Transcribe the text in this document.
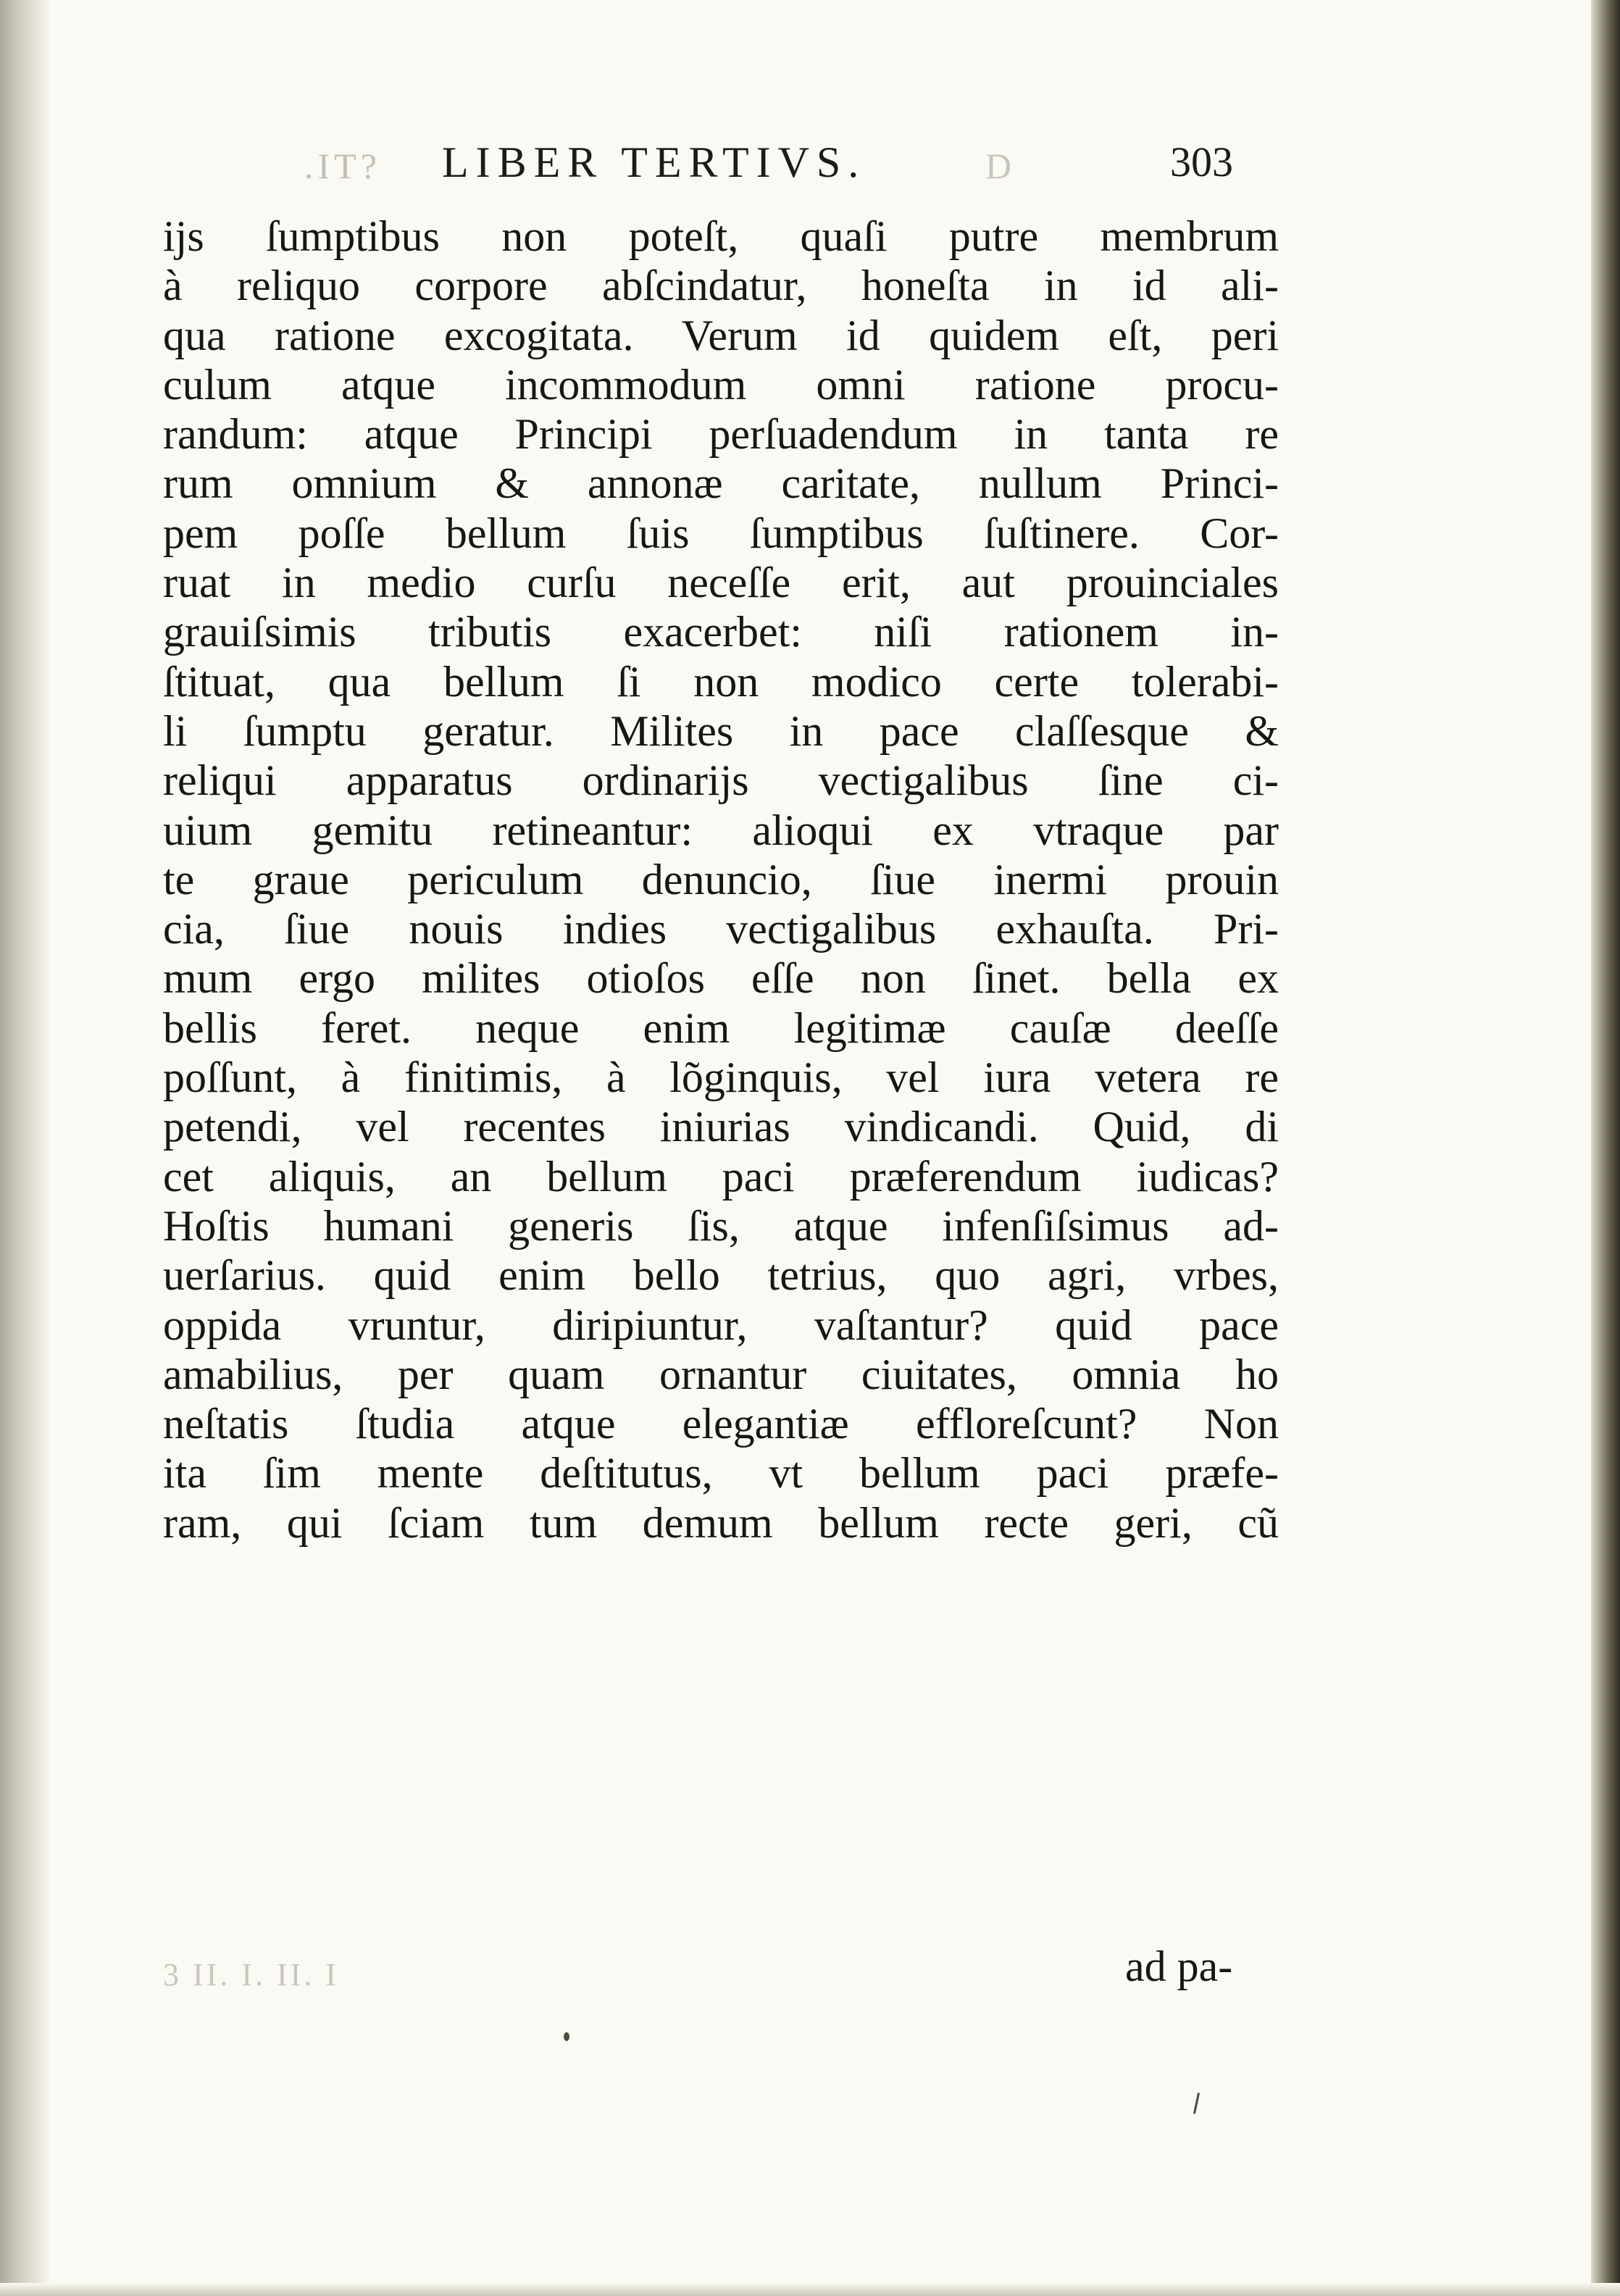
.IT? LIBER TERTIVS.	D	303
ijs ſumptibus non poteſt, quaſi putre membrum
à reliquo corpore abſcindatur, honeſta in id ali-
qua ratione excogitata. Verum id quidem eſt, peri
culum atque incommodum omni ratione procu-
randum: atque Principi perſuadendum in tanta re
rum omnium & annonæ caritate, nullum Princi-
pem poſſe bellum ſuis ſumptibus ſuſtinere. Cor-
ruat in medio curſu neceſſe erit, aut prouinciales
grauiſsimis tributis exacerbet: niſi rationem in-
ſtituat, qua bellum ſi non modico certe tolerabi-
li ſumptu geratur. Milites in pace claſſesque &
reliqui apparatus ordinarijs vectigalibus ſine ci-
uium gemitu retineantur: alioqui ex vtraque par
te graue periculum denuncio, ſiue inermi prouin
cia, ſiue nouis indies vectigalibus exhauſta. Pri-
mum ergo milites otioſos eſſe non ſinet. bella ex
bellis feret. neque enim legitimæ cauſæ deeſſe
poſſunt, à finitimis, à lõginquis, vel iura vetera re
petendi, vel recentes iniurias vindicandi. Quid, di
cet aliquis, an bellum paci præferendum iudicas?
Hoſtis humani generis ſis, atque infenſiſsimus ad-
uerſarius. quid enim bello tetrius, quo agri, vrbes,
oppida vruntur, diripiuntur, vaſtantur? quid pace
amabilius, per quam ornantur ciuitates, omnia ho
neſtatis ſtudia atque elegantiæ effloreſcunt? Non
ita ſim mente deſtitutus, vt bellum paci præfe-
ram, qui ſciam tum demum bellum recte geri, cũ
3 II. I. II. I	ad pa-
